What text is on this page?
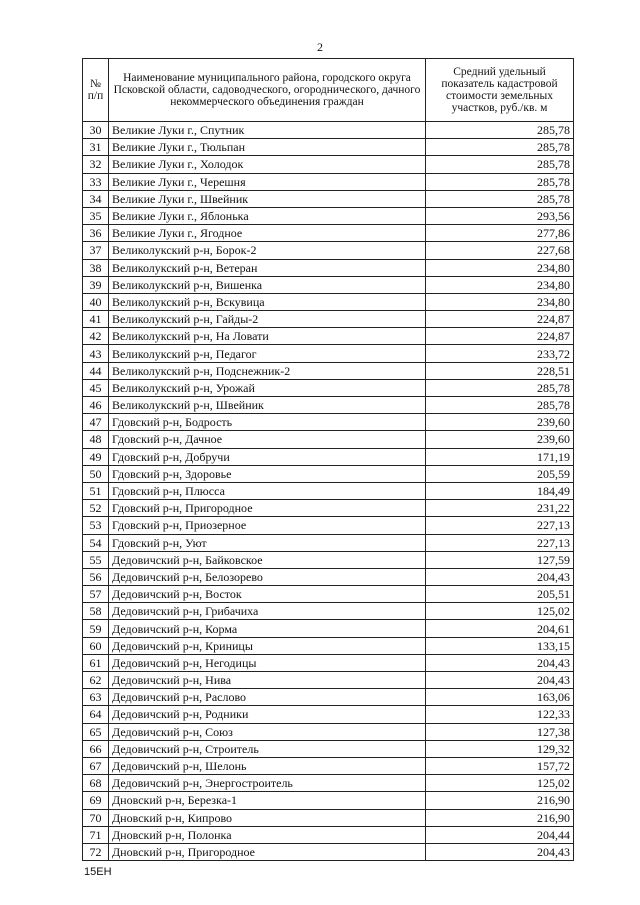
2
№ п/п	Наименование муниципального района, городского округа Псковской области, садоводческого, огороднического, дачного некоммерческого объединения граждан	Средний удельный показатель кадастровой стоимости земельных участков, руб./кв. м
30	Великие Луки г., Спутник	285,78
31	Великие Луки г., Тюльпан	285,78
32	Великие Луки г., Холодок	285,78
33	Великие Луки г., Черешня	285,78
34	Великие Луки г., Швейник	285,78
35	Великие Луки г., Яблонька	293,56
36	Великие Луки г., Ягодное	277,86
37	Великолукский р-н, Борок-2	227,68
38	Великолукский р-н, Ветеран	234,80
39	Великолукский р-н, Вишенка	234,80
40	Великолукский р-н, Вскувица	234,80
41	Великолукский р-н, Гайды-2	224,87
42	Великолукский р-н, На Ловати	224,87
43	Великолукский р-н, Педагог	233,72
44	Великолукский р-н, Подснежник-2	228,51
45	Великолукский р-н, Урожай	285,78
46	Великолукский р-н, Швейник	285,78
47	Гдовский р-н, Бодрость	239,60
48	Гдовский р-н, Дачное	239,60
49	Гдовский р-н, Добручи	171,19
50	Гдовский р-н, Здоровье	205,59
51	Гдовский р-н, Плюсса	184,49
52	Гдовский р-н, Пригородное	231,22
53	Гдовский р-н, Приозерное	227,13
54	Гдовский р-н, Уют	227,13
55	Дедовичский р-н, Байковское	127,59
56	Дедовичский р-н, Белозорево	204,43
57	Дедовичский р-н, Восток	205,51
58	Дедовичский р-н, Грибачиха	125,02
59	Дедовичский р-н, Корма	204,61
60	Дедовичский р-н, Криницы	133,15
61	Дедовичский р-н, Негодицы	204,43
62	Дедовичский р-н, Нива	204,43
63	Дедовичский р-н, Раслово	163,06
64	Дедовичский р-н, Родники	122,33
65	Дедовичский р-н, Союз	127,38
66	Дедовичский р-н, Строитель	129,32
67	Дедовичский р-н, Шелонь	157,72
68	Дедовичский р-н, Энергостроитель	125,02
69	Дновский р-н, Березка-1	216,90
70	Дновский р-н, Кипрово	216,90
71	Дновский р-н, Полонка	204,44
72	Дновский р-н, Пригородное	204,43
15ЕН
